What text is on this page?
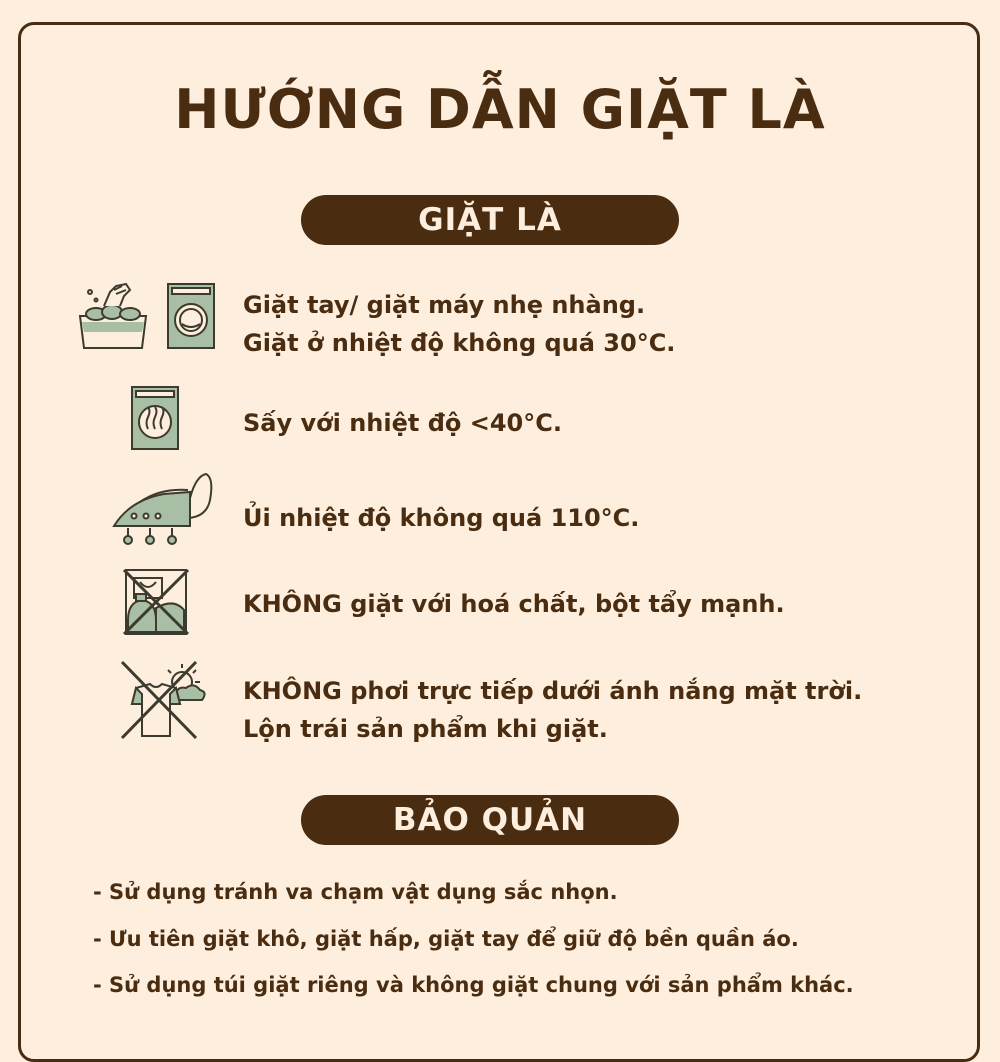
HƯỚNG DẪN GIẶT LÀ
GIẶT LÀ
Giặt tay/ giặt máy nhẹ nhàng.
Giặt ở nhiệt độ không quá 30°C.
Sấy với nhiệt độ <40°C.
Ủi nhiệt độ không quá 110°C.
KHÔNG giặt với hoá chất, bột tẩy mạnh.
KHÔNG phơi trực tiếp dưới ánh nắng mặt trời.
Lộn trái sản phẩm khi giặt.
BẢO QUẢN
- Sử dụng tránh va chạm vật dụng sắc nhọn.
- Ưu tiên giặt khô, giặt hấp, giặt tay để giữ độ bền quần áo.
- Sử dụng túi giặt riêng và không giặt chung với sản phẩm khác.
